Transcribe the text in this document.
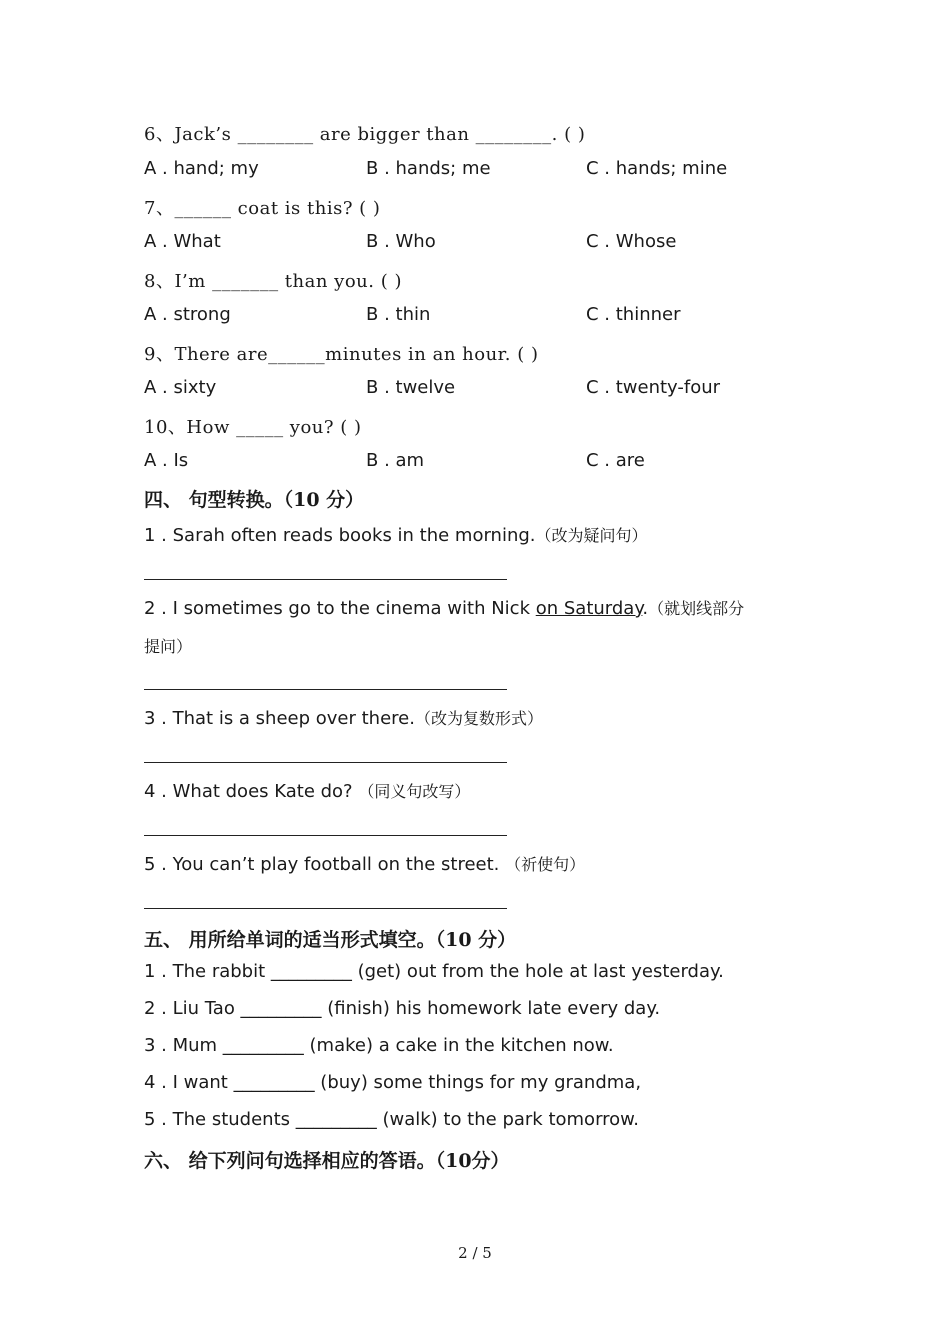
6、Jack’s ________ are bigger than ________. ( )
A . hand; my	B . hands; me	C . hands; mine
7、______ coat is this? ( )
A . What	B . Who	C . Whose
8、I’m _______ than you. ( )
A . strong	B . thin	C . thinner
9、There are______minutes in an hour. ( )
A . sixty	B . twelve	C . twenty-four
10、How _____ you? ( )
A . Is	B . am	C . are
四、 句型转换。（10 分）
1 . Sarah often reads books in the morning.（改为疑问句）
2 . I sometimes go to the cinema with Nick on Saturday.（就划线部分
提问）
3 . That is a sheep over there.（改为复数形式）
4 . What does Kate do? （同义句改写）
5 . You can’t play football on the street. （祈使句）
五、 用所给单词的适当形式填空。（10 分）
1 . The rabbit _________ (get) out from the hole at last yesterday.
2 . Liu Tao _________ (finish) his homework late every day.
3 . Mum _________ (make) a cake in the kitchen now.
4 . I want _________ (buy) some things for my grandma,
5 . The students _________ (walk) to the park tomorrow.
六、 给下列问句选择相应的答语。（10分）
2 / 5
